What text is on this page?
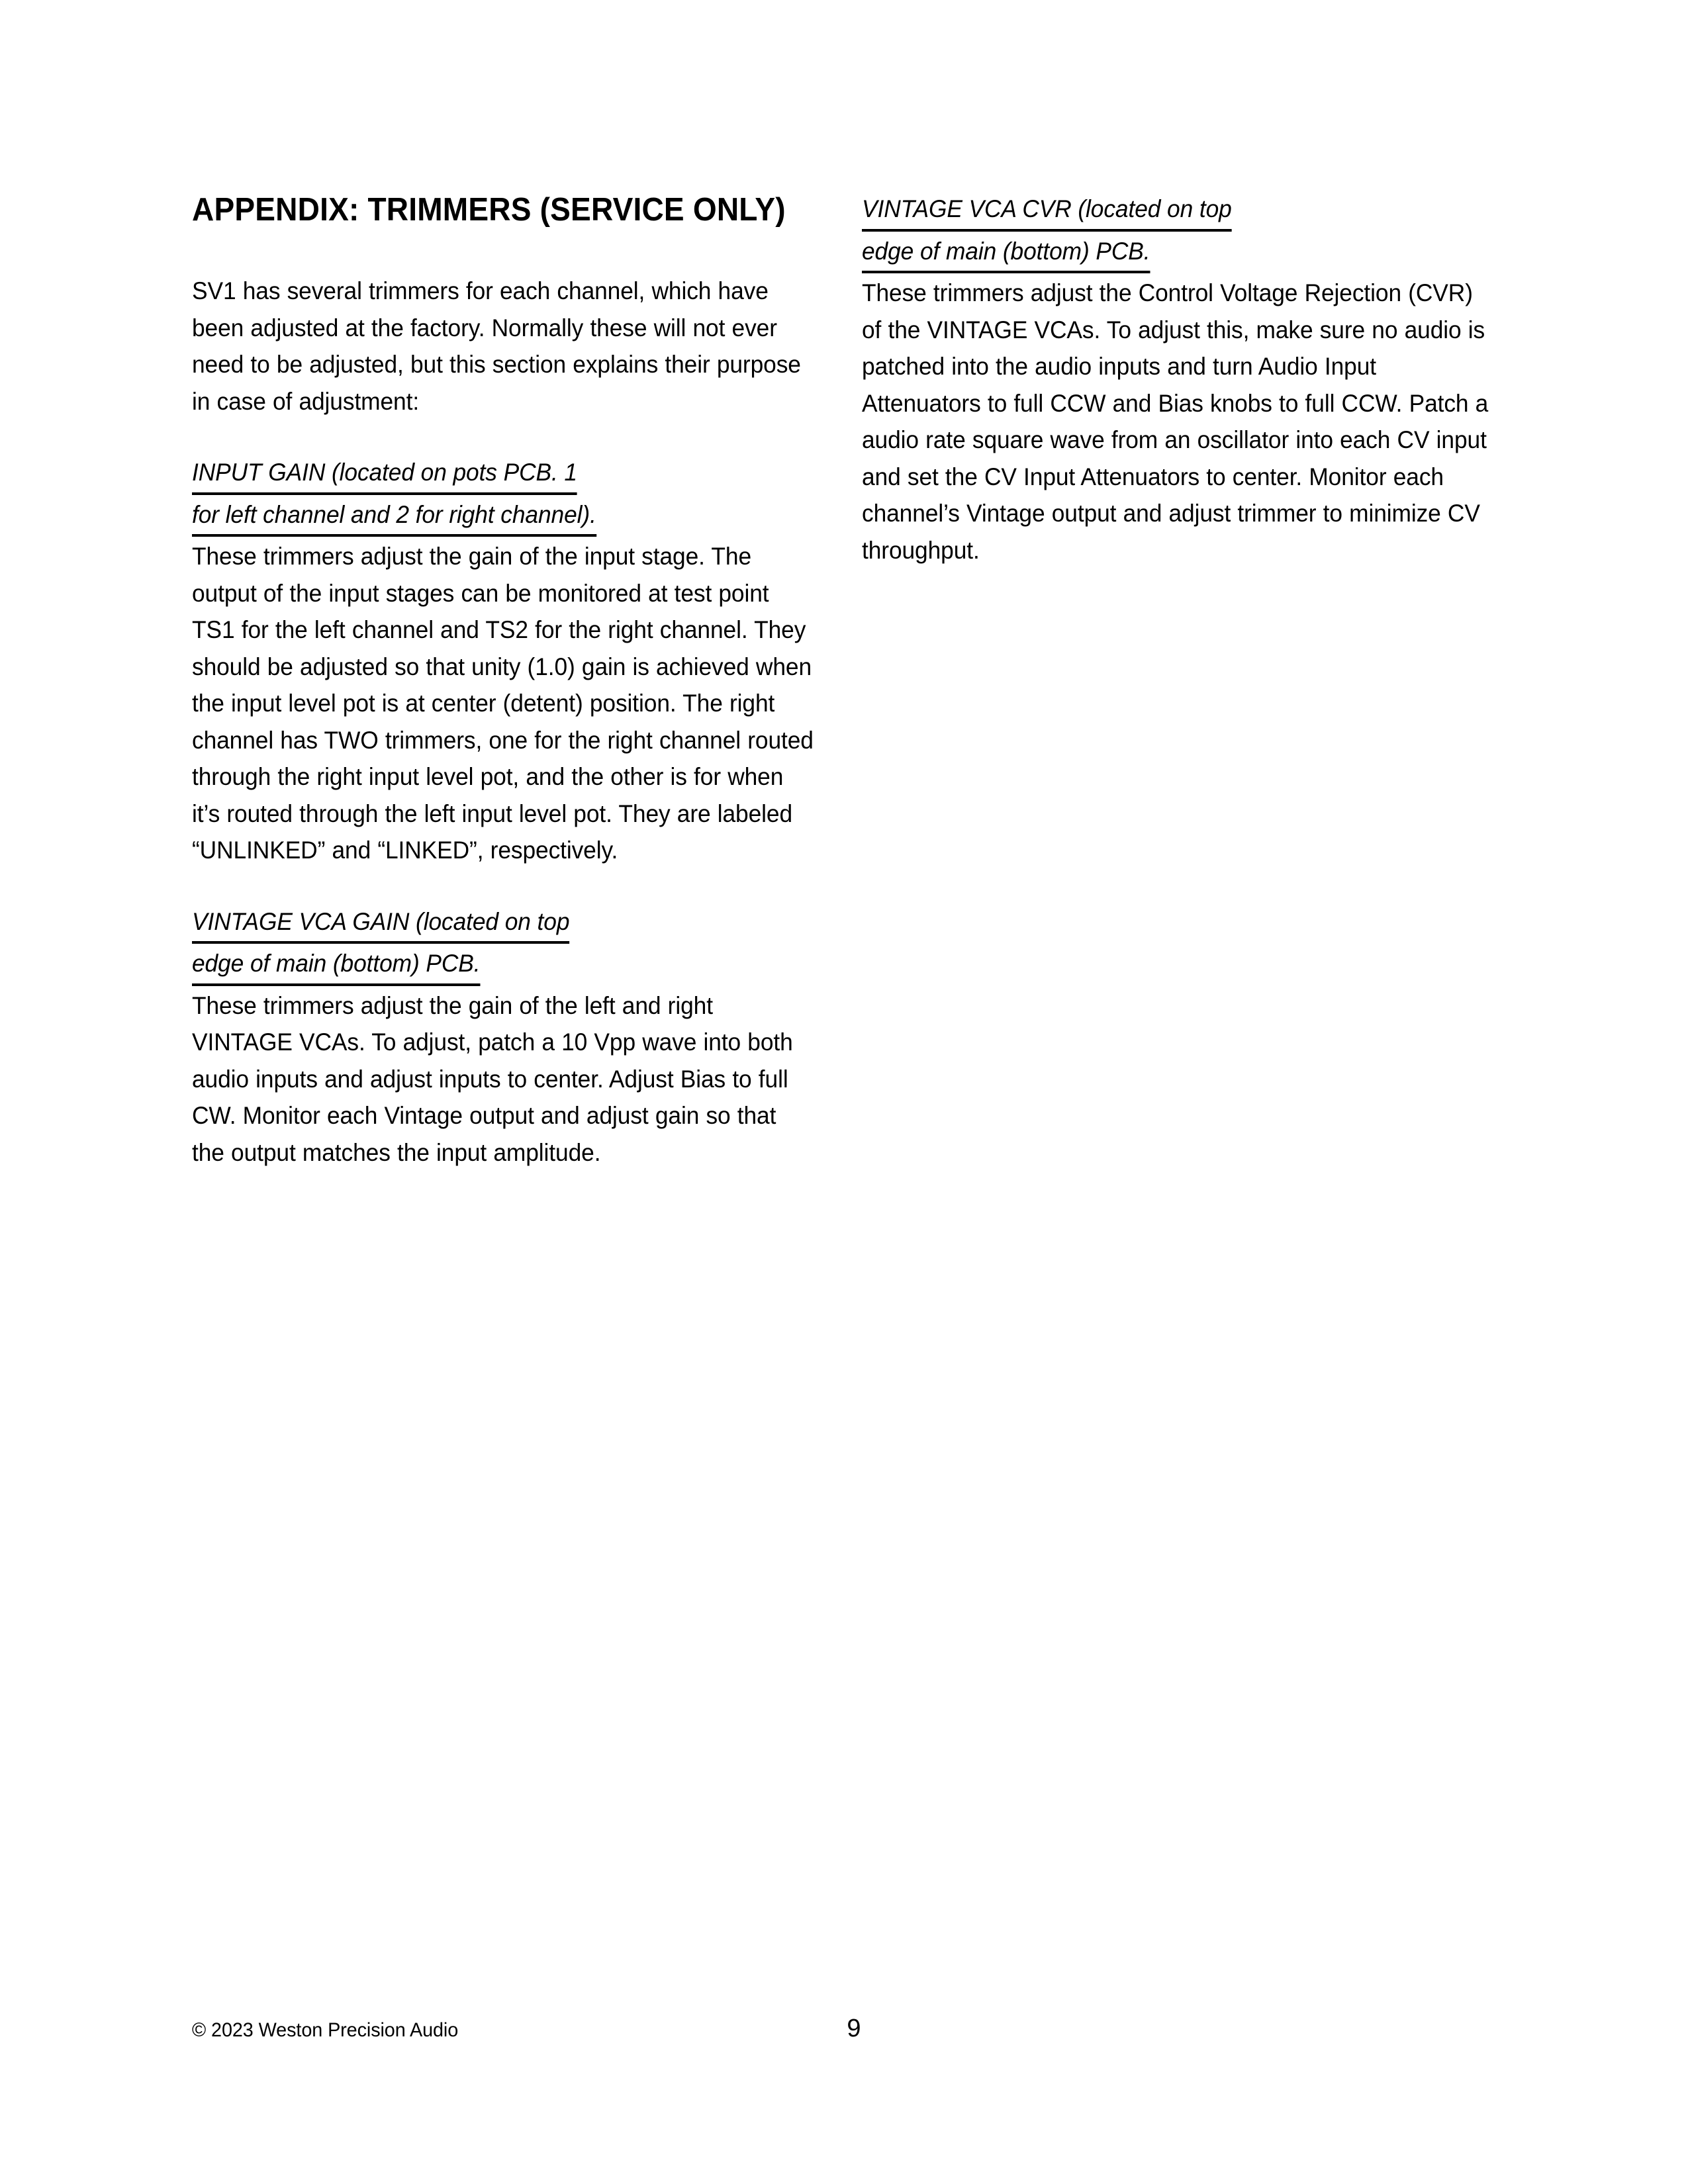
APPENDIX: TRIMMERS (SERVICE ONLY)

SV1 has several trimmers for each channel, which have been adjusted at the factory. Normally these will not ever need to be adjusted, but this section explains their purpose in case of adjustment:

INPUT GAIN (located on pots PCB. 1
for left channel and 2 for right channel).

These trimmers adjust the gain of the input stage. The output of the input stages can be monitored at test point TS1 for the left channel and TS2 for the right channel. They should be adjusted so that unity (1.0) gain is achieved when the input level pot is at center (detent) position. The right channel has TWO trimmers, one for the right channel routed through the right input level pot, and the other is for when it’s routed through the left input level pot. They are labeled “UNLINKED” and “LINKED”, respectively.

VINTAGE VCA GAIN (located on top
edge of main (bottom) PCB.

These trimmers adjust the gain of the left and right VINTAGE VCAs. To adjust, patch a 10 Vpp wave into both audio inputs and adjust inputs to center. Adjust Bias to full CW. Monitor each Vintage output and adjust gain so that the output matches the input amplitude.

VINTAGE VCA CVR (located on top
edge of main (bottom) PCB.

These trimmers adjust the Control Voltage Rejection (CVR) of the VINTAGE VCAs. To adjust this, make sure no audio is patched into the audio inputs and turn Audio Input Attenuators to full CCW and Bias knobs to full CCW. Patch a audio rate square wave from an oscillator into each CV input and set the CV Input Attenuators to center. Monitor each channel’s Vintage output and adjust trimmer to minimize CV throughput.

© 2023 Weston Precision Audio	9
